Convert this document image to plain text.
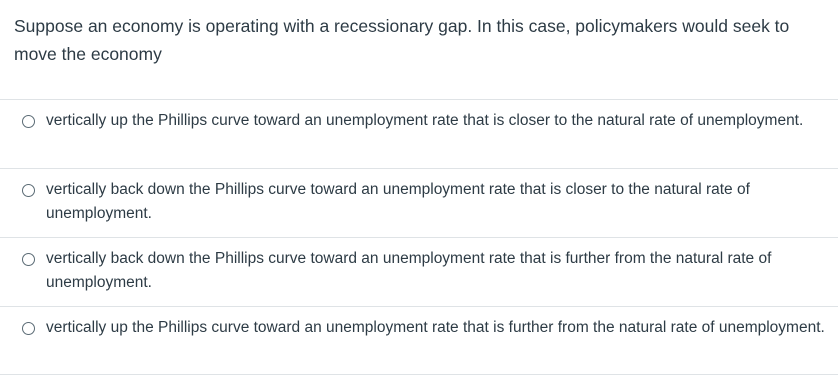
Suppose an economy is operating with a recessionary gap. In this case, policymakers would seek to move the economy
vertically up the Phillips curve toward an unemployment rate that is closer to the natural rate of unemployment.
vertically back down the Phillips curve toward an unemployment rate that is closer to the natural rate of unemployment.
vertically back down the Phillips curve toward an unemployment rate that is further from the natural rate of unemployment.
vertically up the Phillips curve toward an unemployment rate that is further from the natural rate of unemployment.
